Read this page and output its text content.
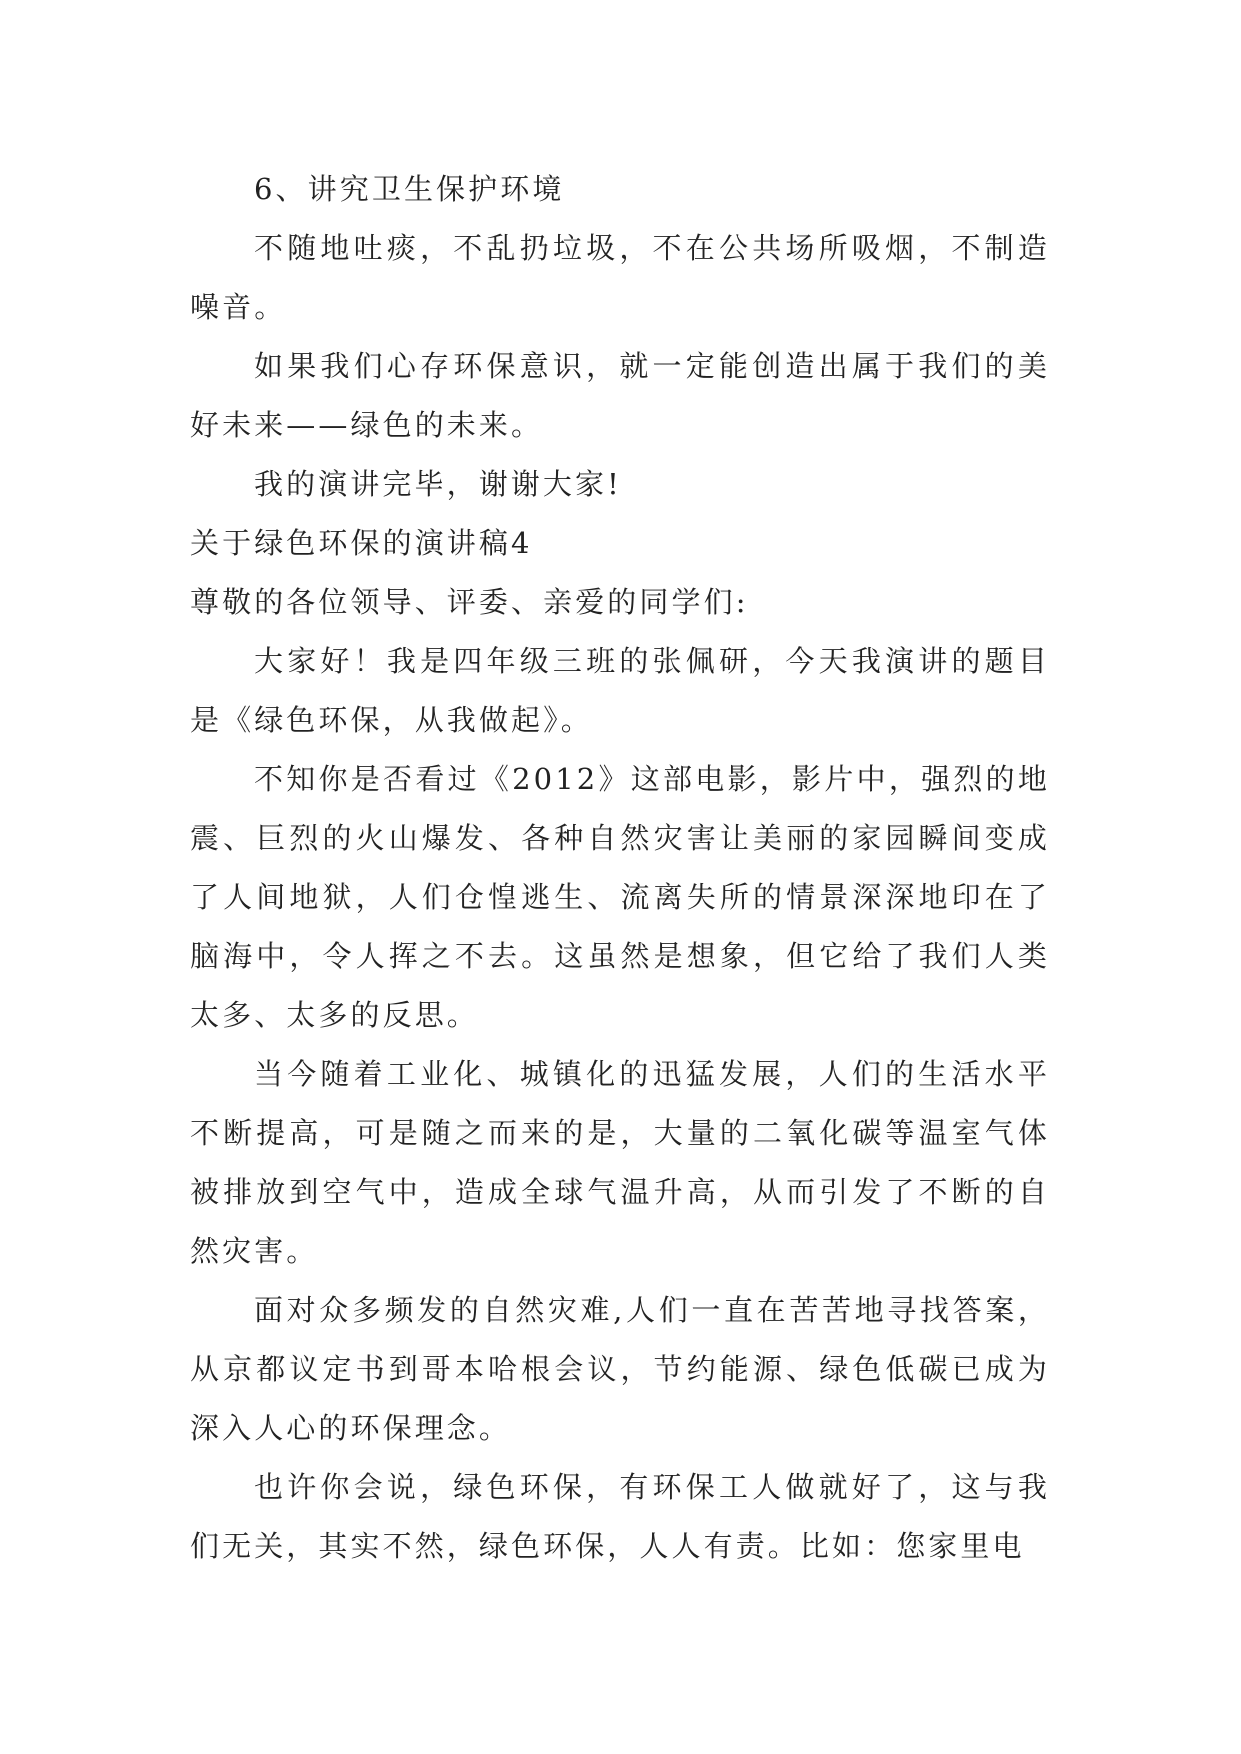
6、讲究卫生保护环境

不随地吐痰，不乱扔垃圾，不在公共场所吸烟，不制造噪音。

如果我们心存环保意识，就一定能创造出属于我们的美好未来——绿色的未来。

我的演讲完毕，谢谢大家!

关于绿色环保的演讲稿4

尊敬的各位领导、评委、亲爱的同学们:

大家好！我是四年级三班的张佩研，今天我演讲的题目是《绿色环保，从我做起》。

不知你是否看过《2012》这部电影，影片中，强烈的地震、巨烈的火山爆发、各种自然灾害让美丽的家园瞬间变成了人间地狱，人们仓惶逃生、流离失所的情景深深地印在了脑海中，令人挥之不去。这虽然是想象，但它给了我们人类太多、太多的反思。

当今随着工业化、城镇化的迅猛发展，人们的生活水平不断提高，可是随之而来的是，大量的二氧化碳等温室气体被排放到空气中，造成全球气温升高，从而引发了不断的自然灾害。

面对众多频发的自然灾难,人们一直在苦苦地寻找答案，从京都议定书到哥本哈根会议，节约能源、绿色低碳已成为深入人心的环保理念。

也许你会说，绿色环保，有环保工人做就好了，这与我们无关，其实不然，绿色环保，人人有责。比如：您家里电
